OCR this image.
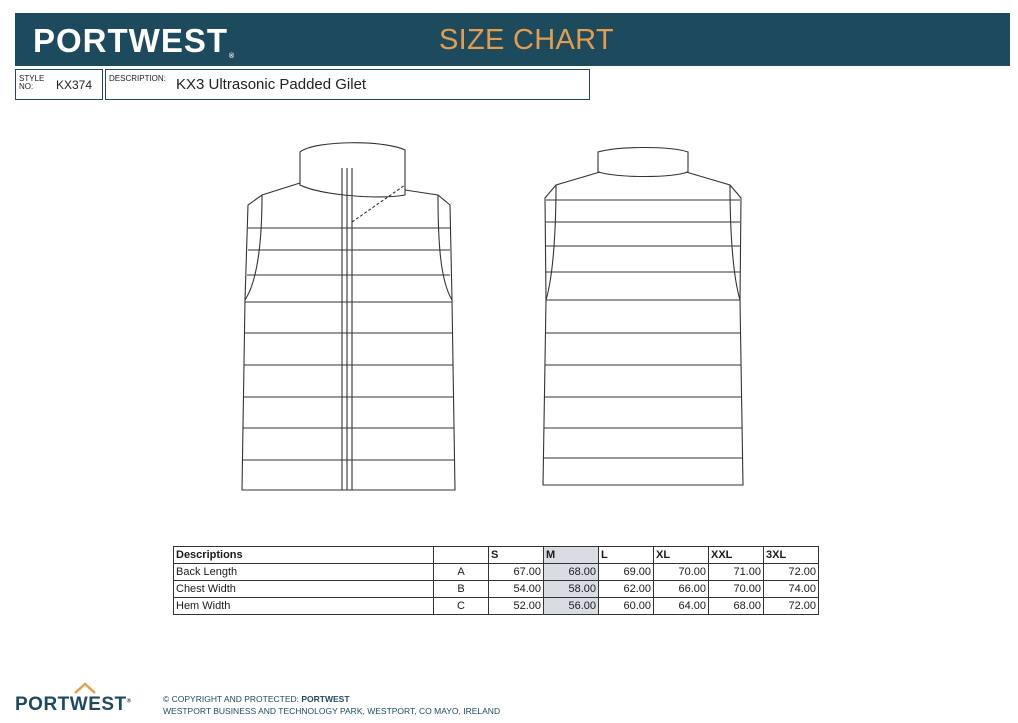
PORTWEST®
SIZE CHART
STYLE NO:	KX374 DESCRIPTION: KX3 Ultrasonic Padded Gilet
Descriptions		S	M	L	XL	XXL	3XL
Back Length	A	67.00	68.00	69.00	70.00	71.00	72.00
Chest Width	B	54.00	58.00	62.00	66.00	70.00	74.00
Hem Width	C	52.00	56.00	60.00	64.00	68.00	72.00
PORTWEST®	© COPYRIGHT AND PROTECTED: PORTWEST
WESTPORT BUSINESS AND TECHNOLOGY PARK, WESTPORT, CO MAYO, IRELAND
